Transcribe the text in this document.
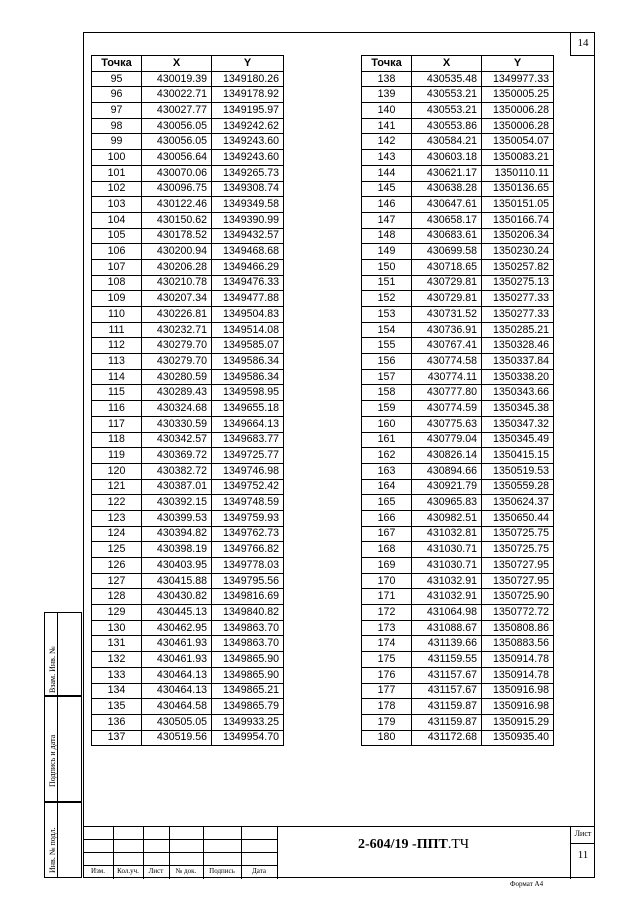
14
Точка	X	Y
95	430019.39	1349180.26
96	430022.71	1349178.92
97	430027.77	1349195.97
98	430056.05	1349242.62
99	430056.05	1349243.60
100	430056.64	1349243.60
101	430070.06	1349265.73
102	430096.75	1349308.74
103	430122.46	1349349.58
104	430150.62	1349390.99
105	430178.52	1349432.57
106	430200.94	1349468.68
107	430206.28	1349466.29
108	430210.78	1349476.33
109	430207.34	1349477.88
110	430226.81	1349504.83
111	430232.71	1349514.08
112	430279.70	1349585.07
113	430279.70	1349586.34
114	430280.59	1349586.34
115	430289.43	1349598.95
116	430324.68	1349655.18
117	430330.59	1349664.13
118	430342.57	1349683.77
119	430369.72	1349725.77
120	430382.72	1349746.98
121	430387.01	1349752.42
122	430392.15	1349748.59
123	430399.53	1349759.93
124	430394.82	1349762.73
125	430398.19	1349766.82
126	430403.95	1349778.03
127	430415.88	1349795.56
128	430430.82	1349816.69
129	430445.13	1349840.82
130	430462.95	1349863.70
131	430461.93	1349863.70
132	430461.93	1349865.90
133	430464.13	1349865.90
134	430464.13	1349865.21
135	430464.58	1349865.79
136	430505.05	1349933.25
137	430519.56	1349954.70
Точка	X	Y
138	430535.48	1349977.33
139	430553.21	1350005.25
140	430553.21	1350006.28
141	430553.86	1350006.28
142	430584.21	1350054.07
143	430603.18	1350083.21
144	430621.17	1350110.11
145	430638.28	1350136.65
146	430647.61	1350151.05
147	430658.17	1350166.74
148	430683.61	1350206.34
149	430699.58	1350230.24
150	430718.65	1350257.82
151	430729.81	1350275.13
152	430729.81	1350277.33
153	430731.52	1350277.33
154	430736.91	1350285.21
155	430767.41	1350328.46
156	430774.58	1350337.84
157	430774.11	1350338.20
158	430777.80	1350343.66
159	430774.59	1350345.38
160	430775.63	1350347.32
161	430779.04	1350345.49
162	430826.14	1350415.15
163	430894.66	1350519.53
164	430921.79	1350559.28
165	430965.83	1350624.37
166	430982.51	1350650.44
167	431032.81	1350725.75
168	431030.71	1350725.75
169	431030.71	1350727.95
170	431032.91	1350727.95
171	431032.91	1350725.90
172	431064.98	1350772.72
173	431088.67	1350808.86
174	431139.66	1350883.56
175	431159.55	1350914.78
176	431157.67	1350914.78
177	431157.67	1350916.98
178	431159.87	1350916.98
179	431159.87	1350915.29
180	431172.68	1350935.40
Взам. Инв. №
Подпись и дата
Инв. № подл.	Изм.	Кол.уч.	Лист	№ док.	Подпись	Дата
2-604/19 -ППТ.ТЧ
Лист
11
Формат А4
